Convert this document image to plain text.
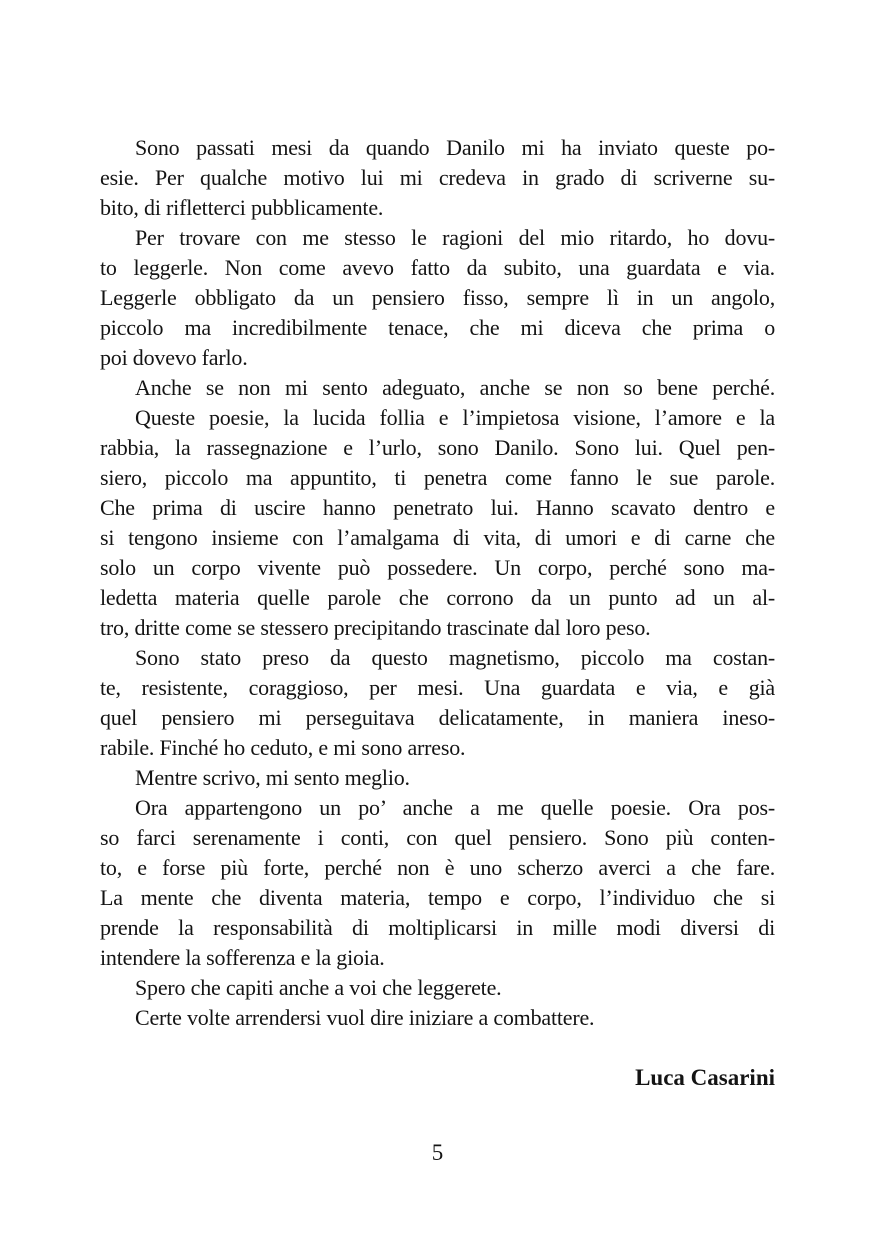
Sono passati mesi da quando Danilo mi ha inviato queste po-
esie. Per qualche motivo lui mi credeva in grado di scriverne su-
bito, di rifletterci pubblicamente.
Per trovare con me stesso le ragioni del mio ritardo, ho dovu-
to leggerle. Non come avevo fatto da subito, una guardata e via.
Leggerle obbligato da un pensiero fisso, sempre lì in un angolo,
piccolo ma incredibilmente tenace, che mi diceva che prima o
poi dovevo farlo.
Anche se non mi sento adeguato, anche se non so bene perché.
Queste poesie, la lucida follia e l’impietosa visione, l’amore e la
rabbia, la rassegnazione e l’urlo, sono Danilo. Sono lui. Quel pen-
siero, piccolo ma appuntito, ti penetra come fanno le sue parole.
Che prima di uscire hanno penetrato lui. Hanno scavato dentro e
si tengono insieme con l’amalgama di vita, di umori e di carne che
solo un corpo vivente può possedere. Un corpo, perché sono ma-
ledetta materia quelle parole che corrono da un punto ad un al-
tro, dritte come se stessero precipitando trascinate dal loro peso.
Sono stato preso da questo magnetismo, piccolo ma costan-
te, resistente, coraggioso, per mesi. Una guardata e via, e già
quel pensiero mi perseguitava delicatamente, in maniera ineso-
rabile. Finché ho ceduto, e mi sono arreso.
Mentre scrivo, mi sento meglio.
Ora appartengono un po’ anche a me quelle poesie. Ora pos-
so farci serenamente i conti, con quel pensiero. Sono più conten-
to, e forse più forte, perché non è uno scherzo averci a che fare.
La mente che diventa materia, tempo e corpo, l’individuo che si
prende la responsabilità di moltiplicarsi in mille modi diversi di
intendere la sofferenza e la gioia.
Spero che capiti anche a voi che leggerete.
Certe volte arrendersi vuol dire iniziare a combattere.
Luca Casarini
5
